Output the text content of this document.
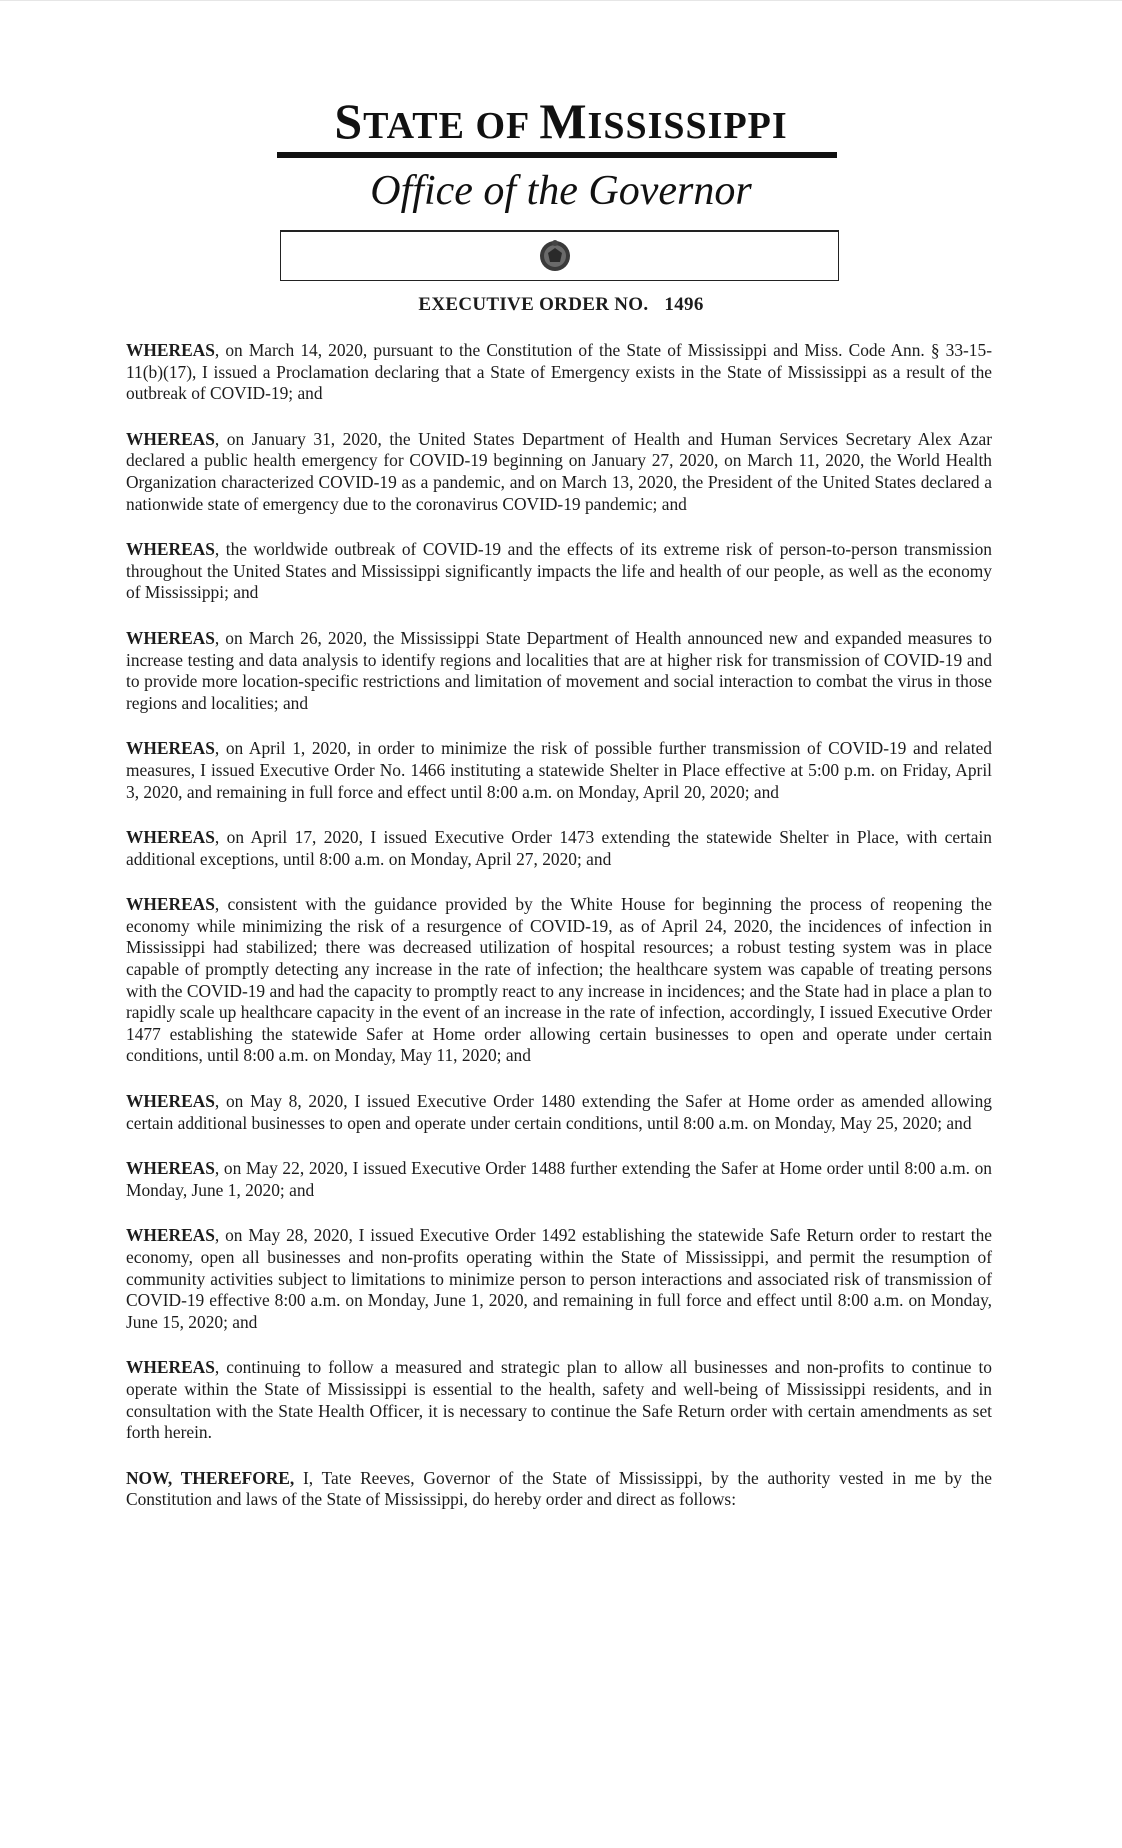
STATE OF MISSISSIPPI
Office of the Governor
EXECUTIVE ORDER NO. 1496

WHEREAS, on March 14, 2020, pursuant to the Constitution of the State of Mississippi and Miss. Code Ann. § 33-15-11(b)(17), I issued a Proclamation declaring that a State of Emergency exists in the State of Mississippi as a result of the outbreak of COVID-19; and

WHEREAS, on January 31, 2020, the United States Department of Health and Human Services Secretary Alex Azar declared a public health emergency for COVID-19 beginning on January 27, 2020, on March 11, 2020, the World Health Organization characterized COVID-19 as a pandemic, and on March 13, 2020, the President of the United States declared a nationwide state of emergency due to the coronavirus COVID-19 pandemic; and

WHEREAS, the worldwide outbreak of COVID-19 and the effects of its extreme risk of person-to-person transmission throughout the United States and Mississippi significantly impacts the life and health of our people, as well as the economy of Mississippi; and

WHEREAS, on March 26, 2020, the Mississippi State Department of Health announced new and expanded measures to increase testing and data analysis to identify regions and localities that are at higher risk for transmission of COVID-19 and to provide more location-specific restrictions and limitation of movement and social interaction to combat the virus in those regions and localities; and

WHEREAS, on April 1, 2020, in order to minimize the risk of possible further transmission of COVID-19 and related measures, I issued Executive Order No. 1466 instituting a statewide Shelter in Place effective at 5:00 p.m. on Friday, April 3, 2020, and remaining in full force and effect until 8:00 a.m. on Monday, April 20, 2020; and

WHEREAS, on April 17, 2020, I issued Executive Order 1473 extending the statewide Shelter in Place, with certain additional exceptions, until 8:00 a.m. on Monday, April 27, 2020; and

WHEREAS, consistent with the guidance provided by the White House for beginning the process of reopening the economy while minimizing the risk of a resurgence of COVID-19, as of April 24, 2020, the incidences of infection in Mississippi had stabilized; there was decreased utilization of hospital resources; a robust testing system was in place capable of promptly detecting any increase in the rate of infection; the healthcare system was capable of treating persons with the COVID-19 and had the capacity to promptly react to any increase in incidences; and the State had in place a plan to rapidly scale up healthcare capacity in the event of an increase in the rate of infection, accordingly, I issued Executive Order 1477 establishing the statewide Safer at Home order allowing certain businesses to open and operate under certain conditions, until 8:00 a.m. on Monday, May 11, 2020; and

WHEREAS, on May 8, 2020, I issued Executive Order 1480 extending the Safer at Home order as amended allowing certain additional businesses to open and operate under certain conditions, until 8:00 a.m. on Monday, May 25, 2020; and

WHEREAS, on May 22, 2020, I issued Executive Order 1488 further extending the Safer at Home order until 8:00 a.m. on Monday, June 1, 2020; and

WHEREAS, on May 28, 2020, I issued Executive Order 1492 establishing the statewide Safe Return order to restart the economy, open all businesses and non-profits operating within the State of Mississippi, and permit the resumption of community activities subject to limitations to minimize person to person interactions and associated risk of transmission of COVID-19 effective 8:00 a.m. on Monday, June 1, 2020, and remaining in full force and effect until 8:00 a.m. on Monday, June 15, 2020; and

WHEREAS, continuing to follow a measured and strategic plan to allow all businesses and non-profits to continue to operate within the State of Mississippi is essential to the health, safety and well-being of Mississippi residents, and in consultation with the State Health Officer, it is necessary to continue the Safe Return order with certain amendments as set forth herein.

NOW, THEREFORE, I, Tate Reeves, Governor of the State of Mississippi, by the authority vested in me by the Constitution and laws of the State of Mississippi, do hereby order and direct as follows:
